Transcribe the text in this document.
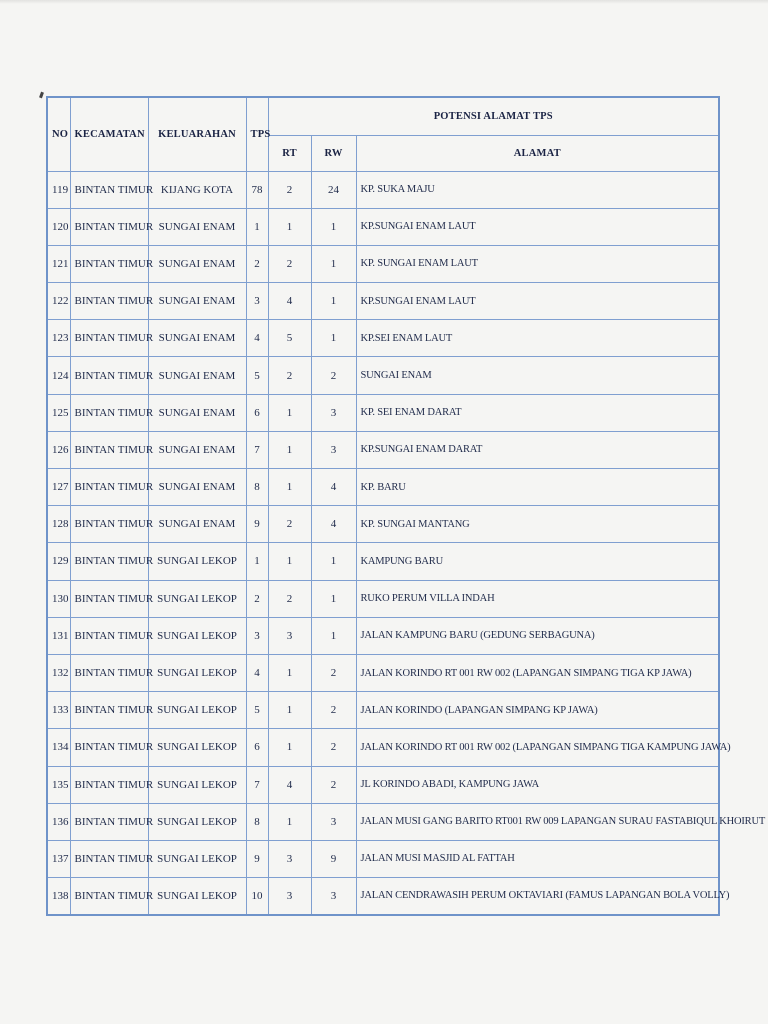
NO	KECAMATAN	KELUARAHAN	TPS	POTENSI ALAMAT TPS		
				RT	RW	ALAMAT
119	BINTAN TIMUR	KIJANG KOTA	78	2	24	KP. SUKA MAJU
120	BINTAN TIMUR	SUNGAI ENAM	1	1	1	KP.SUNGAI ENAM LAUT
121	BINTAN TIMUR	SUNGAI ENAM	2	2	1	KP. SUNGAI ENAM LAUT
122	BINTAN TIMUR	SUNGAI ENAM	3	4	1	KP.SUNGAI ENAM LAUT
123	BINTAN TIMUR	SUNGAI ENAM	4	5	1	KP.SEI ENAM LAUT
124	BINTAN TIMUR	SUNGAI ENAM	5	2	2	SUNGAI ENAM
125	BINTAN TIMUR	SUNGAI ENAM	6	1	3	KP. SEI ENAM DARAT
126	BINTAN TIMUR	SUNGAI ENAM	7	1	3	KP.SUNGAI ENAM DARAT
127	BINTAN TIMUR	SUNGAI ENAM	8	1	4	KP. BARU
128	BINTAN TIMUR	SUNGAI ENAM	9	2	4	KP. SUNGAI MANTANG
129	BINTAN TIMUR	SUNGAI LEKOP	1	1	1	KAMPUNG BARU
130	BINTAN TIMUR	SUNGAI LEKOP	2	2	1	RUKO PERUM VILLA INDAH
131	BINTAN TIMUR	SUNGAI LEKOP	3	3	1	JALAN KAMPUNG BARU (GEDUNG SERBAGUNA)
132	BINTAN TIMUR	SUNGAI LEKOP	4	1	2	JALAN KORINDO RT 001 RW 002 (LAPANGAN SIMPANG TIGA KP JAWA)
133	BINTAN TIMUR	SUNGAI LEKOP	5	1	2	JALAN KORINDO (LAPANGAN SIMPANG KP JAWA)
134	BINTAN TIMUR	SUNGAI LEKOP	6	1	2	JALAN KORINDO RT 001 RW 002 (LAPANGAN SIMPANG TIGA KAMPUNG JAWA)
135	BINTAN TIMUR	SUNGAI LEKOP	7	4	2	JL KORINDO ABADI, KAMPUNG JAWA
136	BINTAN TIMUR	SUNGAI LEKOP	8	1	3	JALAN MUSI GANG BARITO RT001 RW 009 LAPANGAN SURAU FASTABIQUL KHOIRUT
137	BINTAN TIMUR	SUNGAI LEKOP	9	3	9	JALAN MUSI MASJID AL FATTAH
138	BINTAN TIMUR	SUNGAI LEKOP	10	3	3	JALAN CENDRAWASIH PERUM OKTAVIARI (FAMUS LAPANGAN BOLA VOLLY)
